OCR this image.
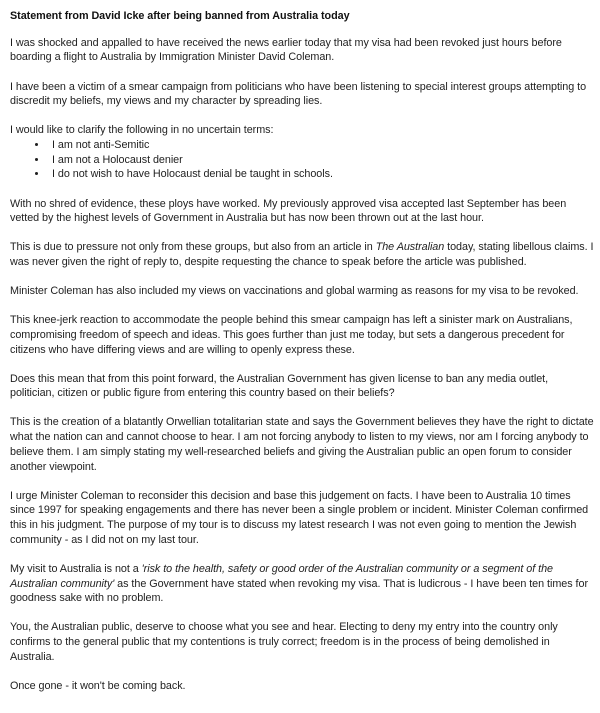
Statement from David Icke after being banned from Australia today

I was shocked and appalled to have received the news earlier today that my visa had been revoked just hours before boarding a flight to Australia by Immigration Minister David Coleman.

I have been a victim of a smear campaign from politicians who have been listening to special interest groups attempting to discredit my beliefs, my views and my character by spreading lies.

I would like to clarify the following in no uncertain terms:

• I am not anti-Semitic
• I am not a Holocaust denier
• I do not wish to have Holocaust denial be taught in schools.

With no shred of evidence, these ploys have worked. My previously approved visa accepted last September has been vetted by the highest levels of Government in Australia but has now been thrown out at the last hour.

This is due to pressure not only from these groups, but also from an article in The Australian today, stating libellous claims. I was never given the right of reply to, despite requesting the chance to speak before the article was published.

Minister Coleman has also included my views on vaccinations and global warming as reasons for my visa to be revoked.

This knee-jerk reaction to accommodate the people behind this smear campaign has left a sinister mark on Australians, compromising freedom of speech and ideas. This goes further than just me today, but sets a dangerous precedent for citizens who have differing views and are willing to openly express these.

Does this mean that from this point forward, the Australian Government has given license to ban any media outlet, politician, citizen or public figure from entering this country based on their beliefs?

This is the creation of a blatantly Orwellian totalitarian state and says the Government believes they have the right to dictate what the nation can and cannot choose to hear. I am not forcing anybody to listen to my views, nor am I forcing anybody to believe them. I am simply stating my well-researched beliefs and giving the Australian public an open forum to consider another viewpoint.

I urge Minister Coleman to reconsider this decision and base this judgement on facts. I have been to Australia 10 times since 1997 for speaking engagements and there has never been a single problem or incident. Minister Coleman confirmed this in his judgment. The purpose of my tour is to discuss my latest research I was not even going to mention the Jewish community - as I did not on my last tour.

My visit to Australia is not a 'risk to the health, safety or good order of the Australian community or a segment of the Australian community' as the Government have stated when revoking my visa. That is ludicrous - I have been ten times for goodness sake with no problem.

You, the Australian public, deserve to choose what you see and hear. Electing to deny my entry into the country only confirms to the general public that my contentions is truly correct; freedom is in the process of being demolished in Australia.

Once gone - it won't be coming back.
